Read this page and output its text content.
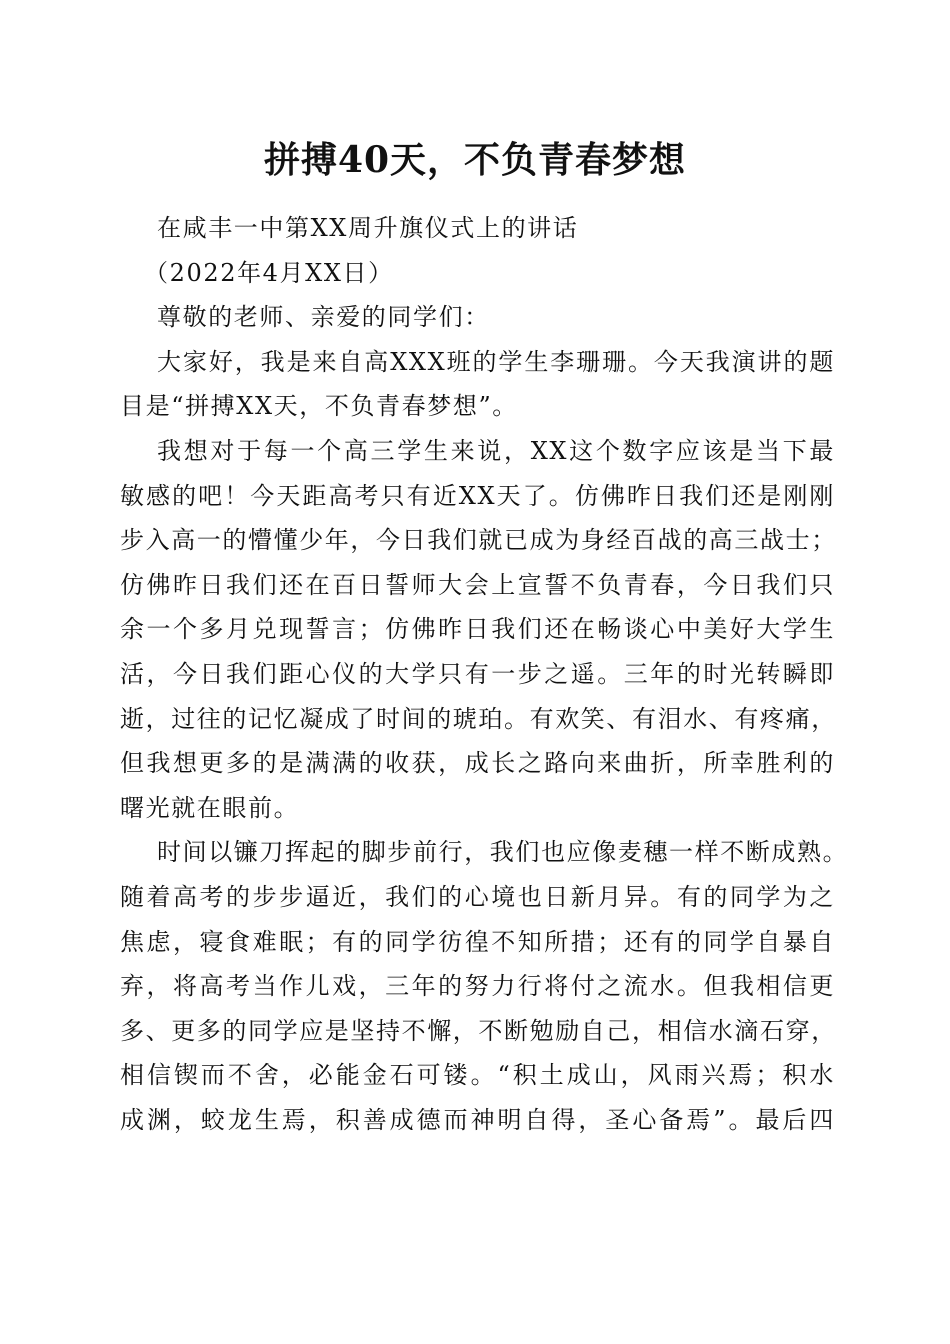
拼搏40天，不负青春梦想
在咸丰一中第XX周升旗仪式上的讲话
（2022年4月XX日）
尊敬的老师、亲爱的同学们：
大家好，我是来自高XXX班的学生李珊珊。今天我演讲的题
目是“拼搏XX天，不负青春梦想”。
我想对于每一个高三学生来说，XX这个数字应该是当下最
敏感的吧！今天距高考只有近XX天了。仿佛昨日我们还是刚刚
步入高一的懵懂少年，今日我们就已成为身经百战的高三战士；
仿佛昨日我们还在百日誓师大会上宣誓不负青春，今日我们只
余一个多月兑现誓言；仿佛昨日我们还在畅谈心中美好大学生
活，今日我们距心仪的大学只有一步之遥。三年的时光转瞬即
逝，过往的记忆凝成了时间的琥珀。有欢笑、有泪水、有疼痛，
但我想更多的是满满的收获，成长之路向来曲折，所幸胜利的
曙光就在眼前。
时间以镰刀挥起的脚步前行，我们也应像麦穗一样不断成熟。
随着高考的步步逼近，我们的心境也日新月异。有的同学为之
焦虑，寝食难眠；有的同学彷徨不知所措；还有的同学自暴自
弃，将高考当作儿戏，三年的努力行将付之流水。但我相信更
多、更多的同学应是坚持不懈，不断勉励自己，相信水滴石穿，
相信锲而不舍，必能金石可镂。“积土成山，风雨兴焉；积水
成渊，蛟龙生焉，积善成德而神明自得，圣心备焉”。最后四
